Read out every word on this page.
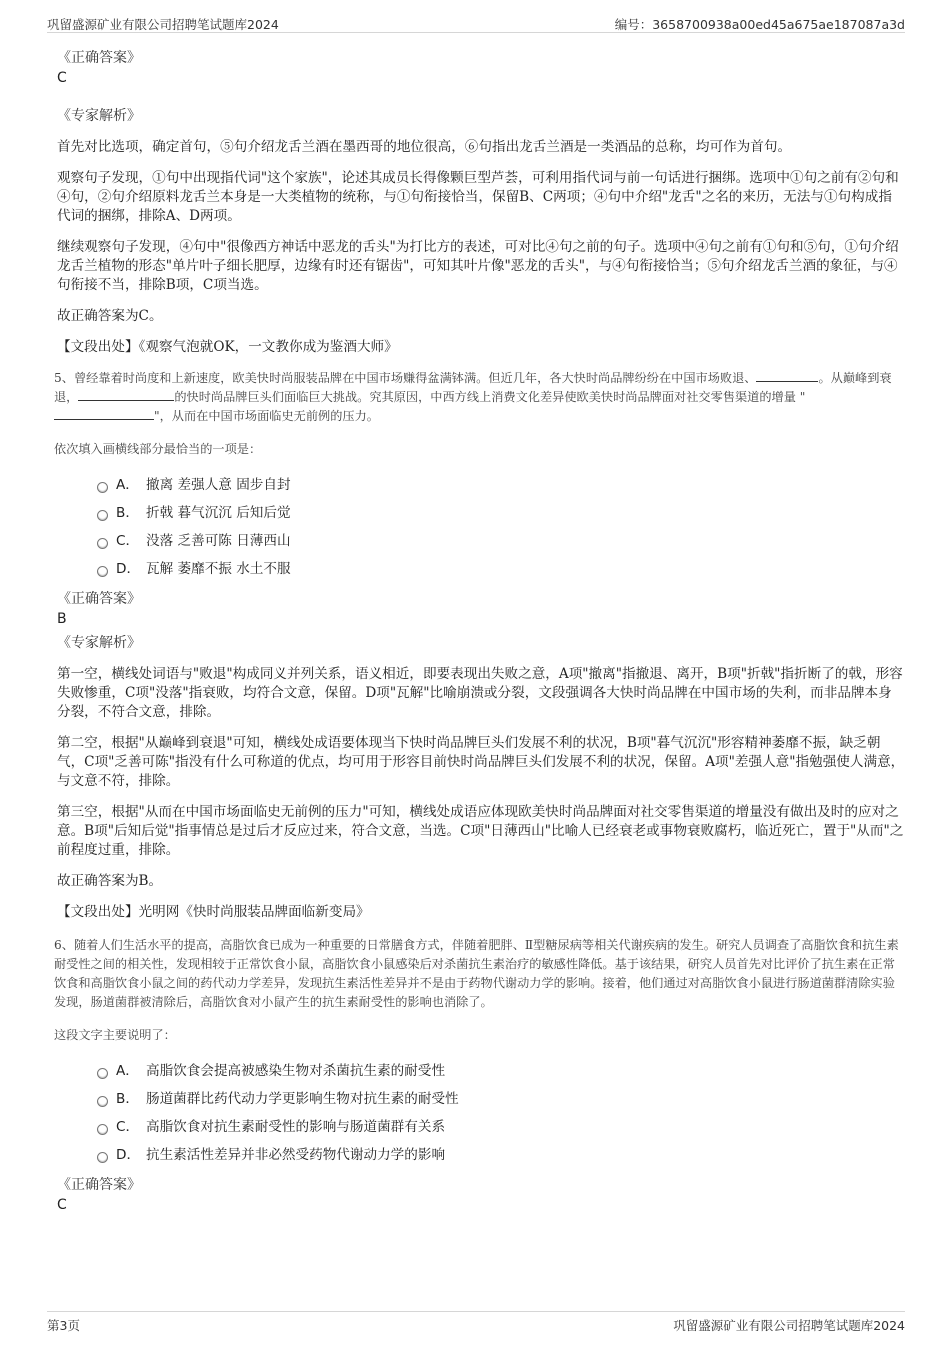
巩留盛源矿业有限公司招聘笔试题库2024	编号：3658700938a00ed45a675ae187087a3d
《正确答案》
C
《专家解析》
首先对比选项，确定首句，⑤句介绍龙舌兰酒在墨西哥的地位很高，⑥句指出龙舌兰酒是一类酒品的总称，均可作为首句。
观察句子发现，①句中出现指代词"这个家族"，论述其成员长得像颗巨型芦荟，可利用指代词与前一句话进行捆绑。选项中①句之前有②句和④句，②句介绍原料龙舌兰本身是一大类植物的统称，与①句衔接恰当，保留B、C两项；④句中介绍"龙舌"之名的来历，无法与①句构成指代词的捆绑，排除A、D两项。
继续观察句子发现，④句中"很像西方神话中恶龙的舌头"为打比方的表述，可对比④句之前的句子。选项中④句之前有①句和⑤句，①句介绍龙舌兰植物的形态"单片叶子细长肥厚，边缘有时还有锯齿"，可知其叶片像"恶龙的舌头"，与④句衔接恰当；⑤句介绍龙舌兰酒的象征，与④句衔接不当，排除B项，C项当选。
故正确答案为C。
【文段出处】《观察气泡就OK，一文教你成为鉴酒大师》
5、曾经靠着时尚度和上新速度，欧美快时尚服装品牌在中国市场赚得盆满钵满。但近几年，各大快时尚品牌纷纷在中国市场败退、	。从巅峰到衰退，	的快时尚品牌巨头们面临巨大挑战。究其原因，中西方线上消费文化差异使欧美快时尚品牌面对社交零售渠道的增量 ""，从而在中国市场面临史无前例的压力。
依次填入画横线部分最恰当的一项是：
A． 撤离 差强人意 固步自封
B． 折戟 暮气沉沉 后知后觉
C． 没落 乏善可陈 日薄西山
D． 瓦解 萎靡不振 水土不服
《正确答案》
B
《专家解析》
第一空，横线处词语与"败退"构成同义并列关系，语义相近，即要表现出失败之意，A项"撤离"指撤退、离开，B项"折戟"指折断了的戟，形容失败惨重，C项"没落"指衰败，均符合文意，保留。D项"瓦解"比喻崩溃或分裂，文段强调各大快时尚品牌在中国市场的失利，而非品牌本身分裂，不符合文意，排除。
第二空，根据"从巅峰到衰退"可知，横线处成语要体现当下快时尚品牌巨头们发展不利的状况，B项"暮气沉沉"形容精神萎靡不振，缺乏朝气，C项"乏善可陈"指没有什么可称道的优点，均可用于形容目前快时尚品牌巨头们发展不利的状况，保留。A项"差强人意"指勉强使人满意，与文意不符，排除。
第三空，根据"从而在中国市场面临史无前例的压力"可知，横线处成语应体现欧美快时尚品牌面对社交零售渠道的增量没有做出及时的应对之意。B项"后知后觉"指事情总是过后才反应过来，符合文意，当选。C项"日薄西山"比喻人已经衰老或事物衰败腐朽，临近死亡，置于"从而"之前程度过重，排除。
故正确答案为B。
【文段出处】光明网《快时尚服装品牌面临新变局》
6、随着人们生活水平的提高，高脂饮食已成为一种重要的日常膳食方式，伴随着肥胖、Ⅱ型糖尿病等相关代谢疾病的发生。研究人员调查了高脂饮食和抗生素耐受性之间的相关性，发现相较于正常饮食小鼠，高脂饮食小鼠感染后对杀菌抗生素治疗的敏感性降低。基于该结果，研究人员首先对比评价了抗生素在正常饮食和高脂饮食小鼠之间的药代动力学差异，发现抗生素活性差异并不是由于药物代谢动力学的影响。接着，他们通过对高脂饮食小鼠进行肠道菌群清除实验发现，肠道菌群被清除后，高脂饮食对小鼠产生的抗生素耐受性的影响也消除了。
这段文字主要说明了：
A． 高脂饮食会提高被感染生物对杀菌抗生素的耐受性
B． 肠道菌群比药代动力学更影响生物对抗生素的耐受性
C． 高脂饮食对抗生素耐受性的影响与肠道菌群有关系
D． 抗生素活性差异并非必然受药物代谢动力学的影响
《正确答案》
C
第3页	巩留盛源矿业有限公司招聘笔试题库2024
